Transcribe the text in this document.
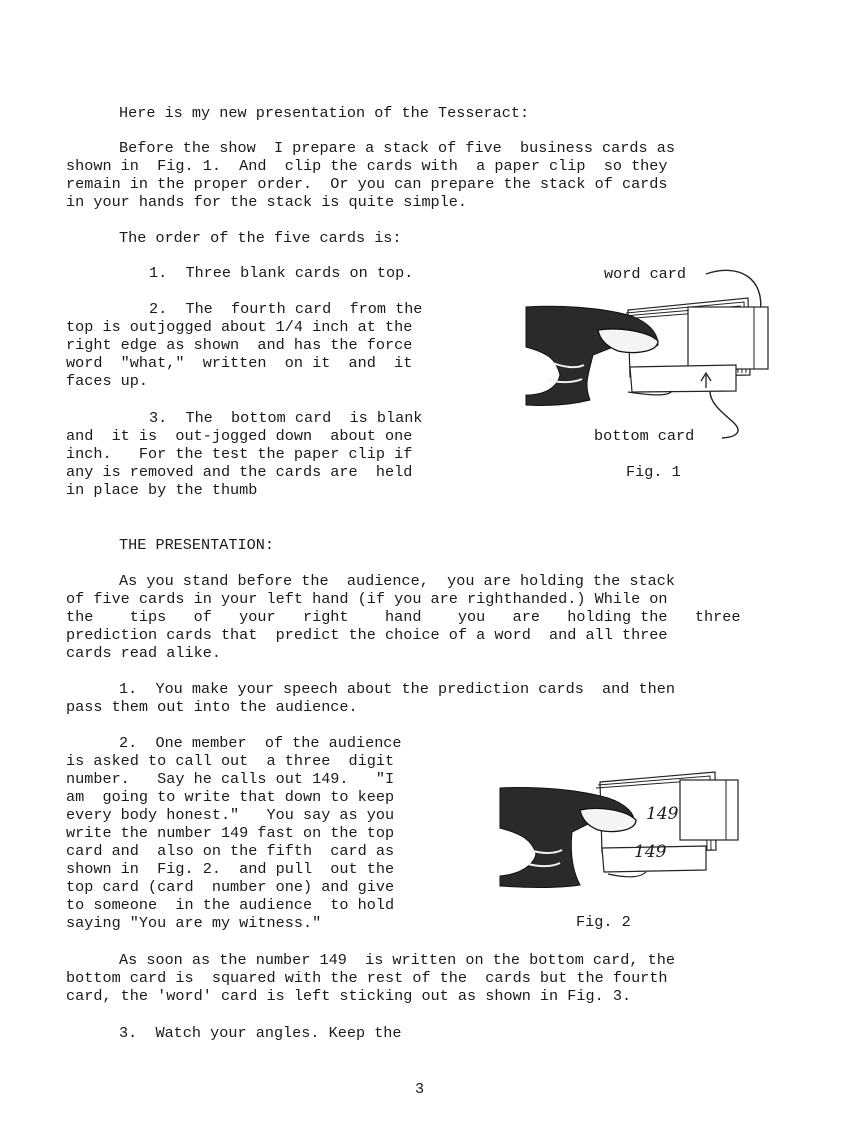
Here is my new presentation of the Tesseract:

Before the show  I prepare a stack of five  business cards as

shown in  Fig. 1.  And  clip the cards with  a paper clip  so they

remain in the proper order.  Or you can prepare the stack of cards

in your hands for the stack is quite simple.

The order of the five cards is:

1.  Three blank cards on top.

2.  The  fourth card  from the

top is outjogged about 1/4 inch at the

right edge as shown  and has the force

word  "what,"  written  on it  and  it

faces up.

3.  The  bottom card  is blank

and  it is  out-jogged down  about one

inch.   For the test the paper clip if

any is removed and the cards are  held

in place by the thumb

word card
bottom card
Fig. 1

THE PRESENTATION:

As you stand before the  audience,  you are holding the stack

of five cards in your left hand (if you are righthanded.) While on

the    tips   of   your   right    hand    you   are   holding the   three

prediction cards that  predict the choice of a word  and all three

cards read alike.

1.  You make your speech about the prediction cards  and then

pass them out into the audience.

2.  One member  of the audience

is asked to call out  a three  digit

number.   Say he calls out 149.   "I

am  going to write that down to keep

every body honest."   You say as you

write the number 149 fast on the top

card and  also on the fifth  card as

shown in  Fig. 2.  and pull  out the

top card (card  number one) and give

to someone  in the audience  to hold

saying "You are my witness."

149
149
Fig. 2

As soon as the number 149  is written on the bottom card, the

bottom card is  squared with the rest of the  cards but the fourth

card, the 'word' card is left sticking out as shown in Fig. 3.

3.  Watch your angles. Keep the

3
